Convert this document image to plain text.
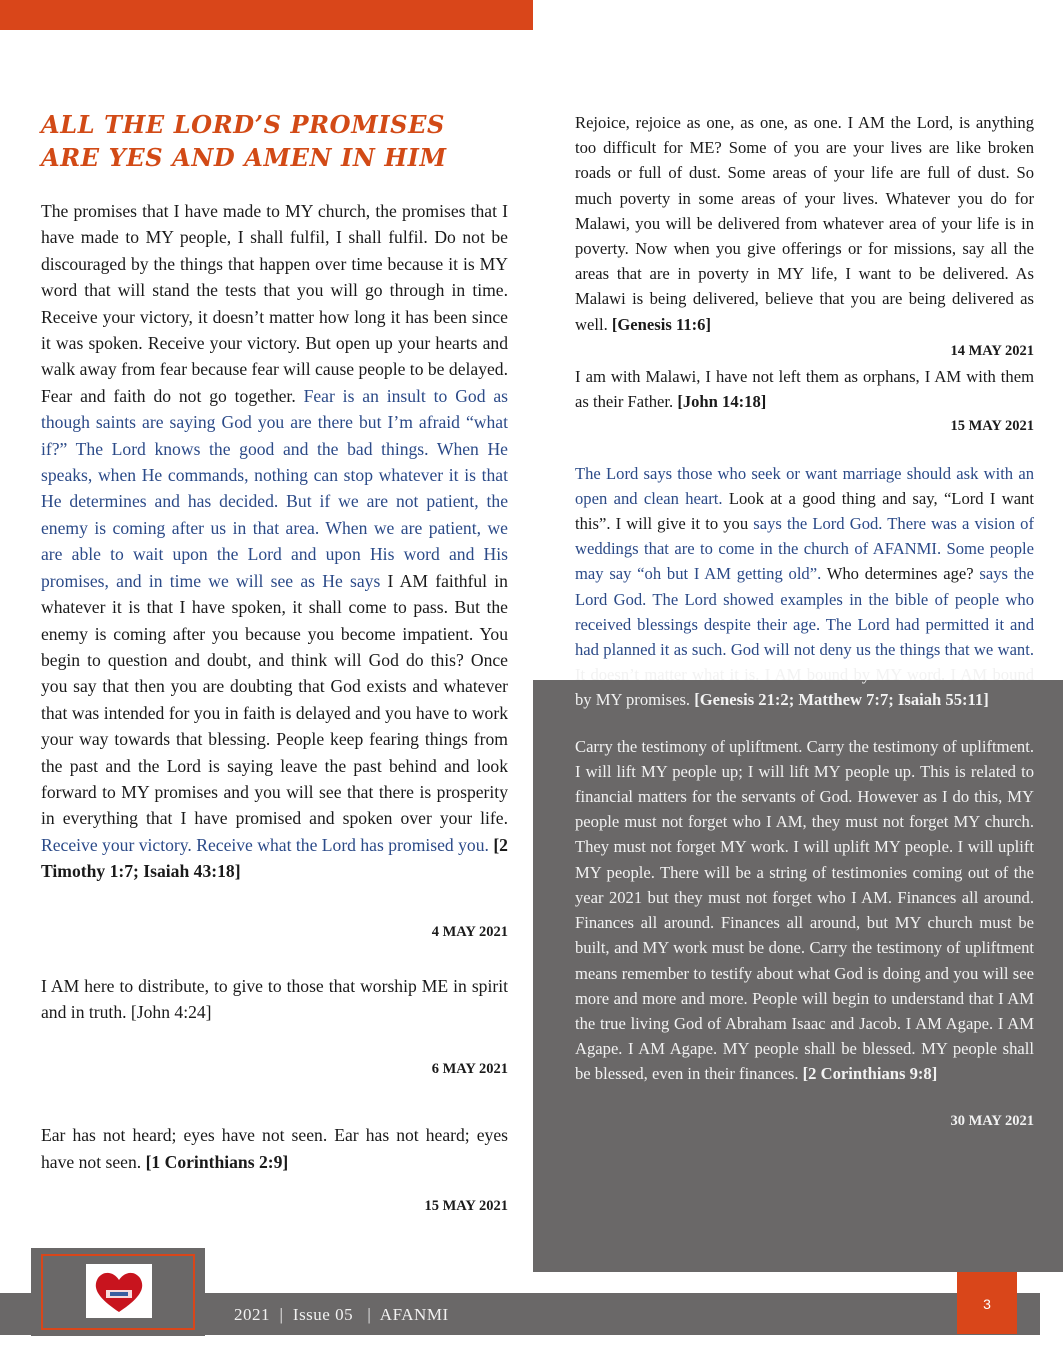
ALL THE LORD’S PROMISES ARE YES AND AMEN IN HIM

The promises that I have made to MY church, the promises that I have made to MY people, I shall fulfil, I shall fulfil. Do not be discouraged by the things that happen over time because it is MY word that will stand the tests that you will go through in time. Receive your victory, it doesn’t matter how long it has been since it was spoken. Receive your victory. But open up your hearts and walk away from fear because fear will cause people to be delayed. Fear and faith do not go together. Fear is an insult to God as though saints are saying God you are there but I’m afraid “what if?” The Lord knows the good and the bad things. When He speaks, when He commands, nothing can stop whatever it is that He determines and has decided. But if we are not patient, the enemy is coming after us in that area. When we are patient, we are able to wait upon the Lord and upon His word and His promises, and in time we will see as He says I AM faithful in whatever it is that I have spoken, it shall come to pass. But the enemy is coming after you because you become impatient. You begin to question and doubt, and think will God do this? Once you say that then you are doubting that God exists and whatever that was intended for you in faith is delayed and you have to work your way towards that blessing. People keep fearing things from the past and the Lord is saying leave the past behind and look forward to MY promises and you will see that there is prosperity in everything that I have promised and spoken over your life. Receive your victory. Receive what the Lord has promised you. [2 Timothy 1:7; Isaiah 43:18]

4 MAY 2021

I AM here to distribute, to give to those that worship ME in spirit and in truth. [John 4:24]

6 MAY 2021

Ear has not heard; eyes have not seen. Ear has not heard; eyes have not seen. [1 Corinthians 2:9]

15 MAY 2021

Rejoice, rejoice as one, as one, as one. I AM the Lord, is anything too difficult for ME? Some of you are your lives are like broken roads or full of dust. Some areas of your life are full of dust. So much poverty in some areas of your lives. Whatever you do for Malawi, you will be delivered from whatever area of your life is in poverty. Now when you give offerings or for missions, say all the areas that are in poverty in MY life, I want to be delivered. As Malawi is being delivered, believe that you are being delivered as well. [Genesis 11:6]

14 MAY 2021

I am with Malawi, I have not left them as orphans, I AM with them as their Father. [John 14:18]

15 MAY 2021

The Lord says those who seek or want marriage should ask with an open and clean heart. Look at a good thing and say, “Lord I want this”. I will give it to you says the Lord God. There was a vision of weddings that are to come in the church of AFANMI. Some people may say “oh but I AM getting old”. Who determines age? says the Lord God. The Lord showed examples in the bible of people who received blessings despite their age. The Lord had permitted it and had planned it as such. God will not deny us the things that we want. It doesn’t matter what it is. I AM bound by MY word. I AM bound by MY promises. [Genesis 21:2; Matthew 7:7; Isaiah 55:11]

Carry the testimony of upliftment. Carry the testimony of upliftment. I will lift MY people up; I will lift MY people up. This is related to financial matters for the servants of God. However as I do this, MY people must not forget who I AM, they must not forget MY church. They must not forget MY work. I will uplift MY people. I will uplift MY people. There will be a string of testimonies coming out of the year 2021 but they must not forget who I AM. Finances all around. Finances all around. Finances all around, but MY church must be built, and MY work must be done. Carry the testimony of upliftment means remember to testify about what God is doing and you will see more and more and more. People will begin to understand that I AM the true living God of Abraham Isaac and Jacob. I AM Agape. I AM Agape. I AM Agape. MY people shall be blessed. MY people shall be blessed, even in their finances. [2 Corinthians 9:8]

30 MAY 2021
2021  |  Issue 05   |  AFANMI
3
